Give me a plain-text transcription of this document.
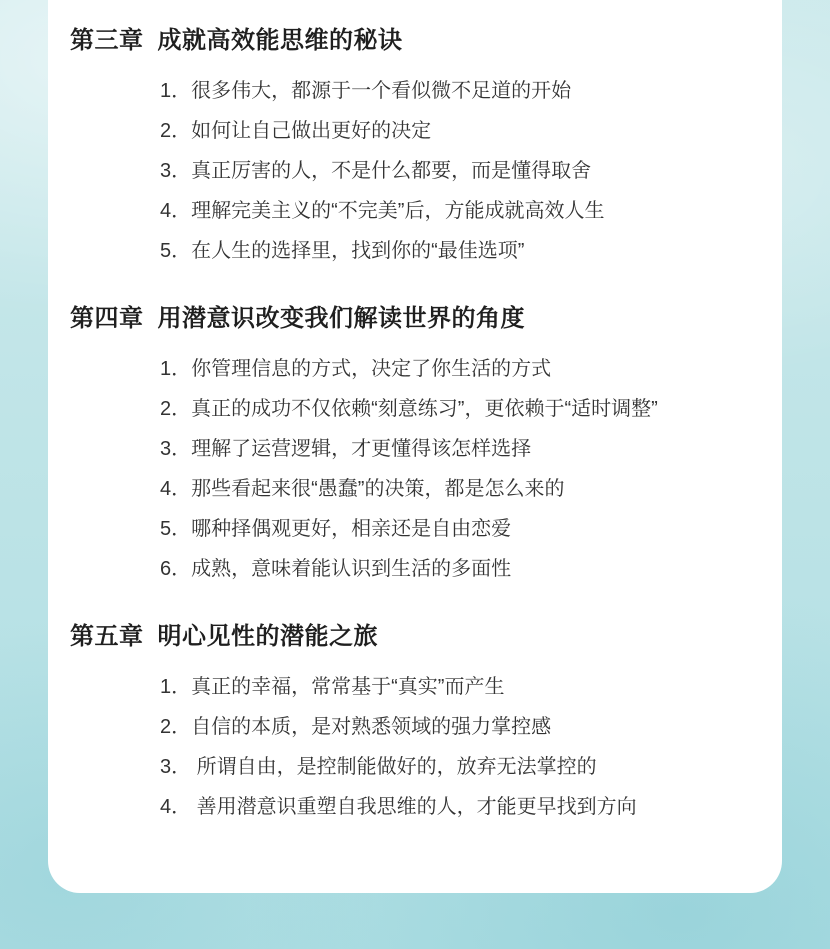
第三章 成就高效能思维的秘诀

1．很多伟大，都源于一个看似微不足道的开始

2．如何让自己做出更好的决定

3．真正厉害的人，不是什么都要，而是懂得取舍

4．理解完美主义的“不完美”后，方能成就高效人生

5．在人生的选择里，找到你的“最佳选项”

第四章 用潜意识改变我们解读世界的角度

1．你管理信息的方式，决定了你生活的方式

2．真正的成功不仅依赖“刻意练习”，更依赖于“适时调整”

3．理解了运营逻辑，才更懂得该怎样选择

4．那些看起来很“愚蠢”的决策，都是怎么来的

5．哪种择偶观更好，相亲还是自由恋爱

6．成熟，意味着能认识到生活的多面性

第五章 明心见性的潜能之旅

1．真正的幸福，常常基于“真实”而产生

2．自信的本质，是对熟悉领域的强力掌控感

3． 所谓自由，是控制能做好的，放弃无法掌控的

4． 善用潜意识重塑自我思维的人，才能更早找到方向
